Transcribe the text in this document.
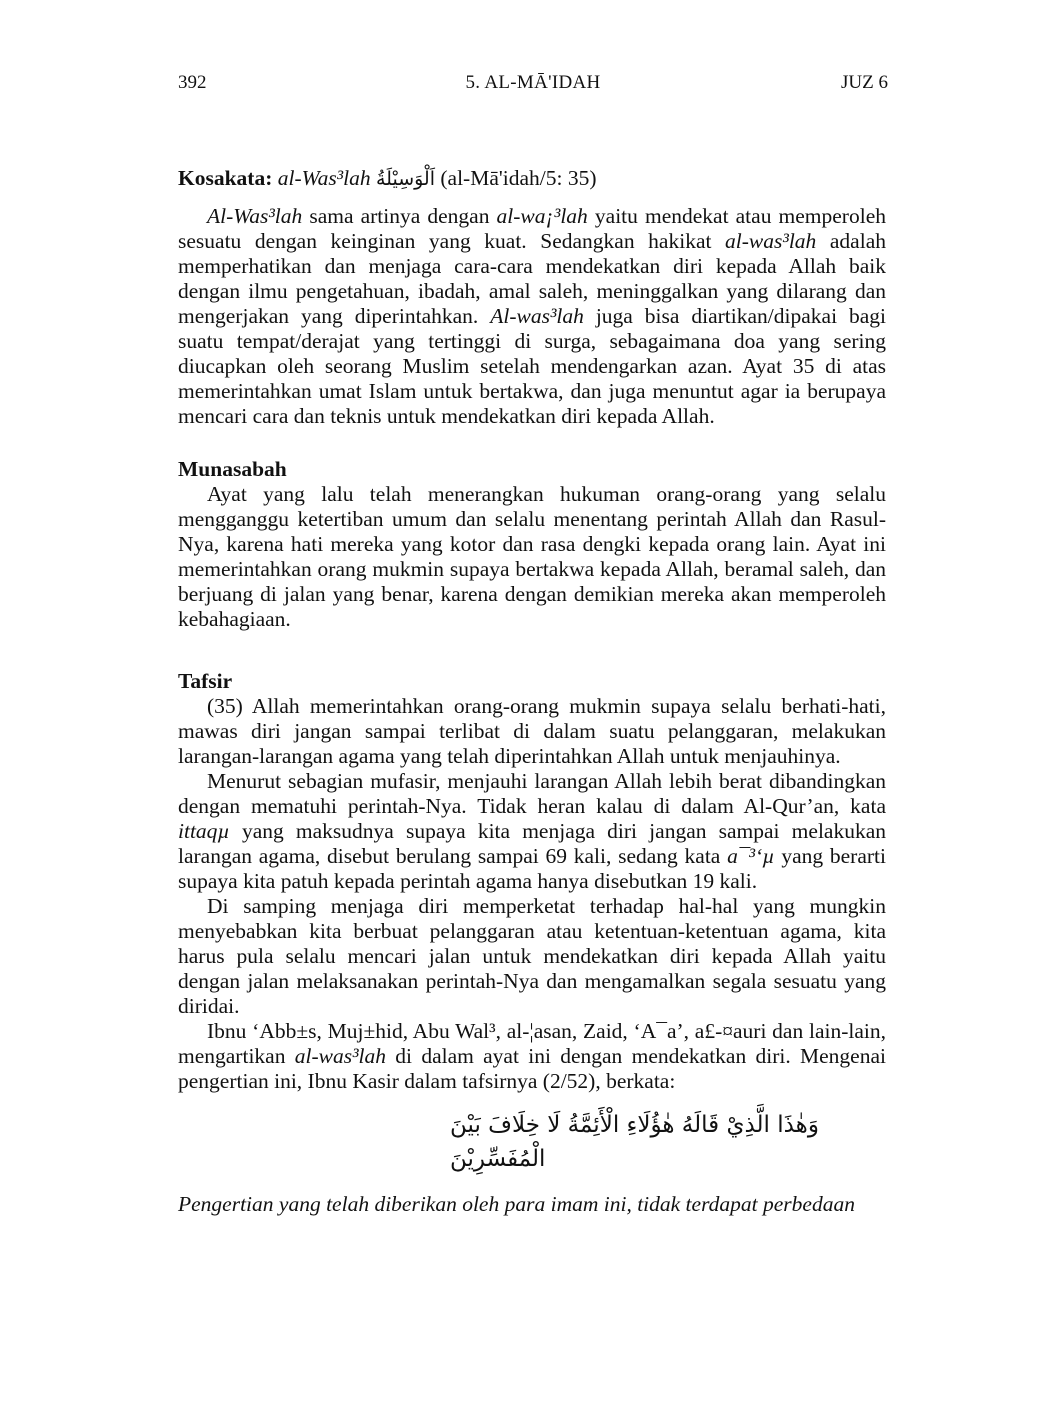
392	5. AL-MĀ'IDAH	JUZ 6

Kosakata: al-Was³lah اَلْوَسِيْلَةُ (al-Mā'idah/5: 35)

Al-Was³lah sama artinya dengan al-wa¡³lah yaitu mendekat atau memperoleh sesuatu dengan keinginan yang kuat. Sedangkan hakikat al-was³lah adalah memperhatikan dan menjaga cara-cara mendekatkan diri kepada Allah baik dengan ilmu pengetahuan, ibadah, amal saleh, meninggalkan yang dilarang dan mengerjakan yang diperintahkan. Al-was³lah juga bisa diartikan/dipakai bagi suatu tempat/derajat yang tertinggi di surga, sebagaimana doa yang sering diucapkan oleh seorang Muslim setelah mendengarkan azan. Ayat 35 di atas memerintahkan umat Islam untuk bertakwa, dan juga menuntut agar ia berupaya mencari cara dan teknis untuk mendekatkan diri kepada Allah.

Munasabah

Ayat yang lalu telah menerangkan hukuman orang-orang yang selalu mengganggu ketertiban umum dan selalu menentang perintah Allah dan Rasul-Nya, karena hati mereka yang kotor dan rasa dengki kepada orang lain. Ayat ini memerintahkan orang mukmin supaya bertakwa kepada Allah, beramal saleh, dan berjuang di jalan yang benar, karena dengan demikian mereka akan memperoleh kebahagiaan.

Tafsir

(35) Allah memerintahkan orang-orang mukmin supaya selalu berhati-hati, mawas diri jangan sampai terlibat di dalam suatu pelanggaran, melakukan larangan-larangan agama yang telah diperintahkan Allah untuk menjauhinya.

Menurut sebagian mufasir, menjauhi larangan Allah lebih berat dibandingkan dengan mematuhi perintah-Nya. Tidak heran kalau di dalam Al-Qur’an, kata ittaqµ yang maksudnya supaya kita menjaga diri jangan sampai melakukan larangan agama, disebut berulang sampai 69 kali, sedang kata a¯³‘µ yang berarti supaya kita patuh kepada perintah agama hanya disebutkan 19 kali.

Di samping menjaga diri memperketat terhadap hal-hal yang mungkin menyebabkan kita berbuat pelanggaran atau ketentuan-ketentuan agama, kita harus pula selalu mencari jalan untuk mendekatkan diri kepada Allah yaitu dengan jalan melaksanakan perintah-Nya dan mengamalkan segala sesuatu yang diridai.

Ibnu ‘Abb±s, Muj±hid, Abu Wal³, al-¦asan, Zaid, ‘A¯a’, a£-¤auri dan lain-lain, mengartikan al-was³lah di dalam ayat ini dengan mendekatkan diri. Mengenai pengertian ini, Ibnu Kasir dalam tafsirnya (2/52), berkata:

وَهٰذَا الَّذِيْ قَالَهُ هٰؤُلَاءِ الْأَئِمَّةُ لَا خِلَافَ بَيْنَ الْمُفَسِّرِيْنَ

Pengertian yang telah diberikan oleh para imam ini, tidak terdapat perbedaan
